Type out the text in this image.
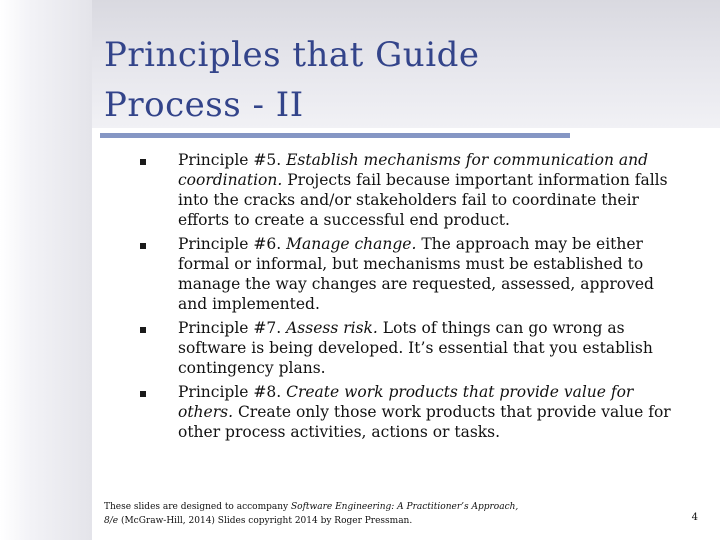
Principles that Guide
Process - II
Principle #5. Establish mechanisms for communication and
coordination. Projects fail because important information falls
into the cracks and/or stakeholders fail to coordinate their
efforts to create a successful end product.
Principle #6. Manage change. The approach may be either
formal or informal, but mechanisms must be established to
manage the way changes are requested, assessed, approved
and implemented.
Principle #7. Assess risk. Lots of things can go wrong as
software is being developed. It’s essential that you establish
contingency plans.
Principle #8. Create work products that provide value for
others. Create only those work products that provide value for
other process activities, actions or tasks.
These slides are designed to accompany Software Engineering: A Practitioner’s Approach,
8/e (McGraw-Hill, 2014) Slides copyright 2014 by Roger Pressman.	4
